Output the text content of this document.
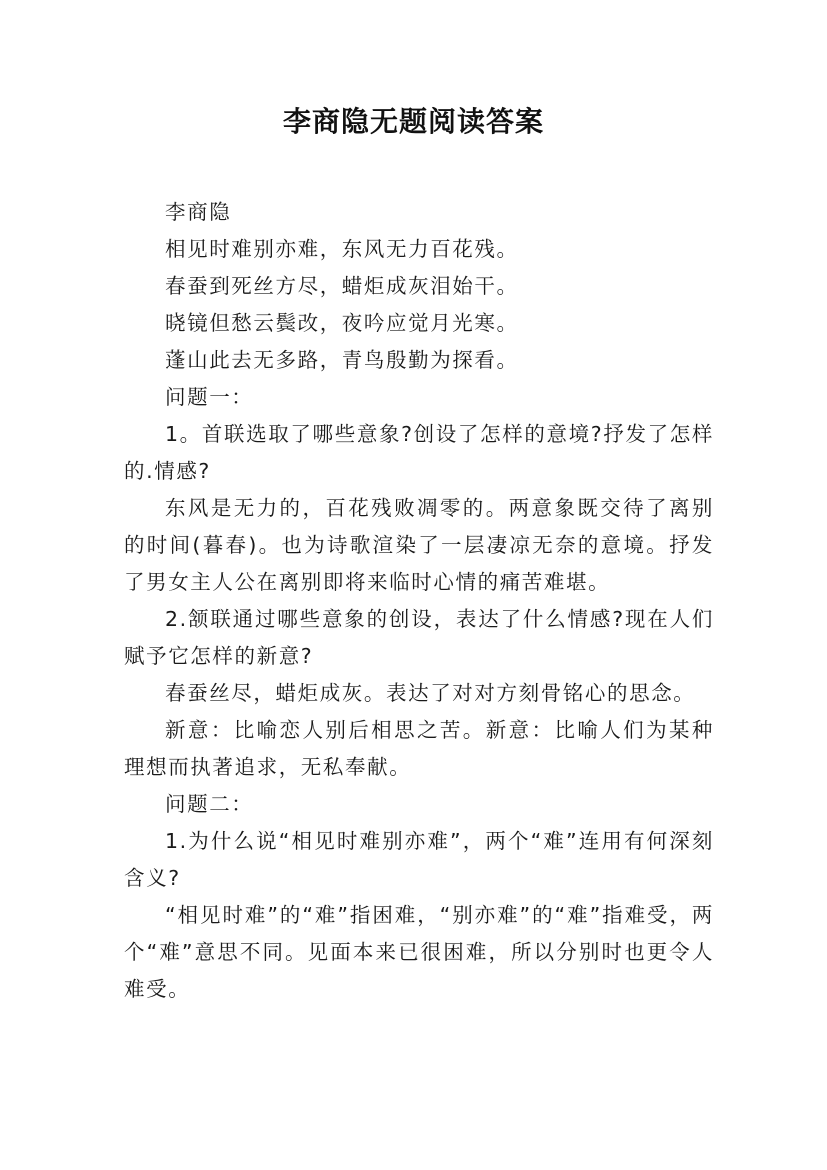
李商隐无题阅读答案

李商隐

相见时难别亦难，东风无力百花残。

春蚕到死丝方尽，蜡炬成灰泪始干。

晓镜但愁云鬓改，夜吟应觉月光寒。

蓬山此去无多路，青鸟殷勤为探看。

问题一：

1。首联选取了哪些意象?创设了怎样的意境?抒发了怎样的.情感?

东风是无力的，百花残败凋零的。两意象既交待了离别的时间(暮春)。也为诗歌渲染了一层凄凉无奈的意境。抒发了男女主人公在离别即将来临时心情的痛苦难堪。

2.颔联通过哪些意象的创设，表达了什么情感?现在人们赋予它怎样的新意?

春蚕丝尽，蜡炬成灰。表达了对对方刻骨铭心的思念。

新意：比喻恋人别后相思之苦。新意：比喻人们为某种理想而执著追求，无私奉献。

问题二：

1.为什么说“相见时难别亦难”，两个“难”连用有何深刻含义?

“相见时难”的“难”指困难，“别亦难”的“难”指难受，两个“难”意思不同。见面本来已很困难，所以分别时也更令人难受。
